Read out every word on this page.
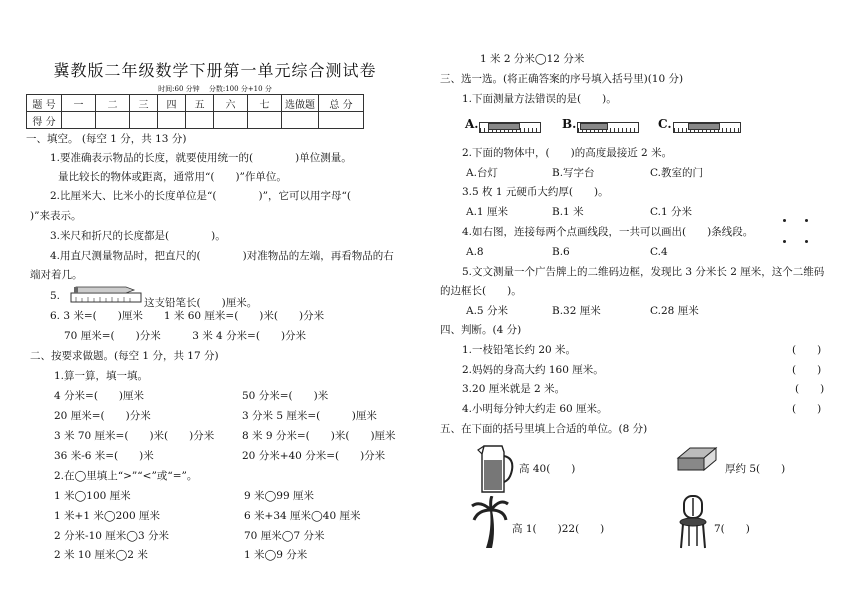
冀教版二年级数学下册第一单元综合测试卷
时间:60 分钟　 分数:100 分+10 分
题 号	一	二	三	四	五	六	七	选做题	总 分
得 分									
一、填空。 (每空 1 分，共 13 分)
1.要准确表示物品的长度，就要使用统一的(　　　　)单位测量。
量比较长的物体或距离，通常用“(　　)”作单位。
2.比厘米大、比米小的长度单位是“(　　　　)”，它可以用字母“(
)”来表示。
3.米尺和折尺的长度都是(　　　　)。
4.用直尺测量物品时，把直尺的(　　　　)对准物品的左端，再看物品的右
端对着几。
5.
这支铅笔长(　　)厘米。
6. 3 米=(　　)厘米　　1 米 60 厘米=(　　)米(　　)分米
70 厘米=(　　)分米　　　3 米 4 分米=(　　)分米
二、按要求做题。(每空 1 分，共 17 分)
1.算一算，填一填。
4 分米=(　　)厘米
20 厘米=(　　)分米
3 米 70 厘米=(　　)米(　　)分米
36 米-6 米=(　　)米
50 分米=(　　)米
3 分米 5 厘米=(　　　)厘米
8 米 9 分米=(　　)米(　　)厘米
20 分米+40 分米=(　　)分米
2.在◯里填上“>”“<”或“=”。
1 米◯100 厘米
1 米+1 米◯200 厘米
2 分米-10 厘米◯3 分米
2 米 10 厘米◯2 米
9 米◯99 厘米
6 米+34 厘米◯40 厘米
70 厘米◯7 分米
1 米◯9 分米
1 米 2 分米◯12 分米
三、选一选。(将正确答案的序号填入括号里)(10 分)
1.下面测量方法错误的是(　　)。
A.	B.	C.
2.下面的物体中，(　　)的高度最接近 2 米。
A.台灯	B.写字台	C.教室的门
3.5 枚 1 元硬币大约厚(　　)。
A.1 厘米	B.1 米	C.1 分米
4.如右图，连接每两个点画线段，一共可以画出(　　)条线段。
A.8	B.6	C.4
5.文文测量一个广告牌上的二维码边框，发现比 3 分米长 2 厘米，这个二维码
的边框长(　　)。
A.5 分米	B.32 厘米	C.28 厘米
四、判断。(4 分)
1.一枝铅笔长约 20 米。
2.妈妈的身高大约 160 厘米。
3.20 厘米就是 2 米。
4.小明每分钟大约走 60 厘米。
(　　)
(　　)
(　　)
(　　)
五、在下面的括号里填上合适的单位。(8 分)
高 40(　　)	厚约 5(　　)
高 1(　　)22(　　)	7(　　)
